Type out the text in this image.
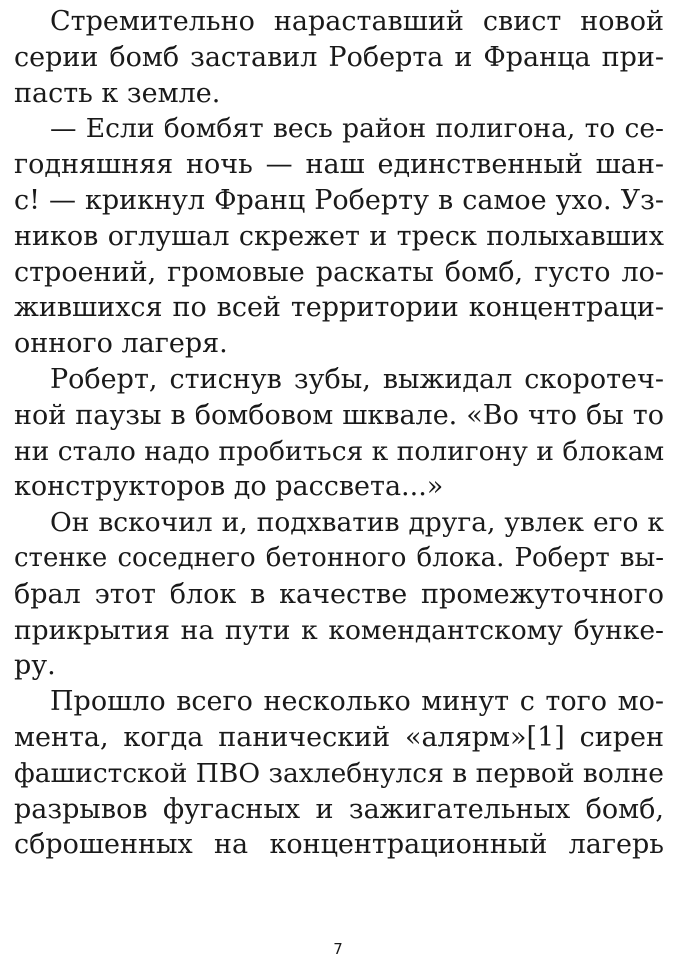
Стремительно нараставший свист новой
серии бомб заставил Роберта и Франца при-
пасть к земле.
— Если бомбят весь район полигона, то се-
годняшняя ночь — наш единственный шан-
с! — крикнул Франц Роберту в самое ухо. Уз-
ников оглушал скрежет и треск полыхавших
строений, громовые раскаты бомб, густо ло-
жившихся по всей территории концентраци-
онного лагеря.
Роберт, стиснув зубы, выжидал скоротеч-
ной паузы в бомбовом шквале. «Во что бы то
ни стало надо пробиться к полигону и блокам
конструкторов до рассвета...»
Он вскочил и, подхватив друга, увлек его к
стенке соседнего бетонного блока. Роберт вы-
брал этот блок в качестве промежуточного
прикрытия на пути к комендантскому бунке-
ру.
Прошло всего несколько минут с того мо-
мента, когда панический «алярм»[1] сирен
фашистской ПВО захлебнулся в первой волне
разрывов фугасных и зажигательных бомб,
сброшенных на концентрационный лагерь
7
